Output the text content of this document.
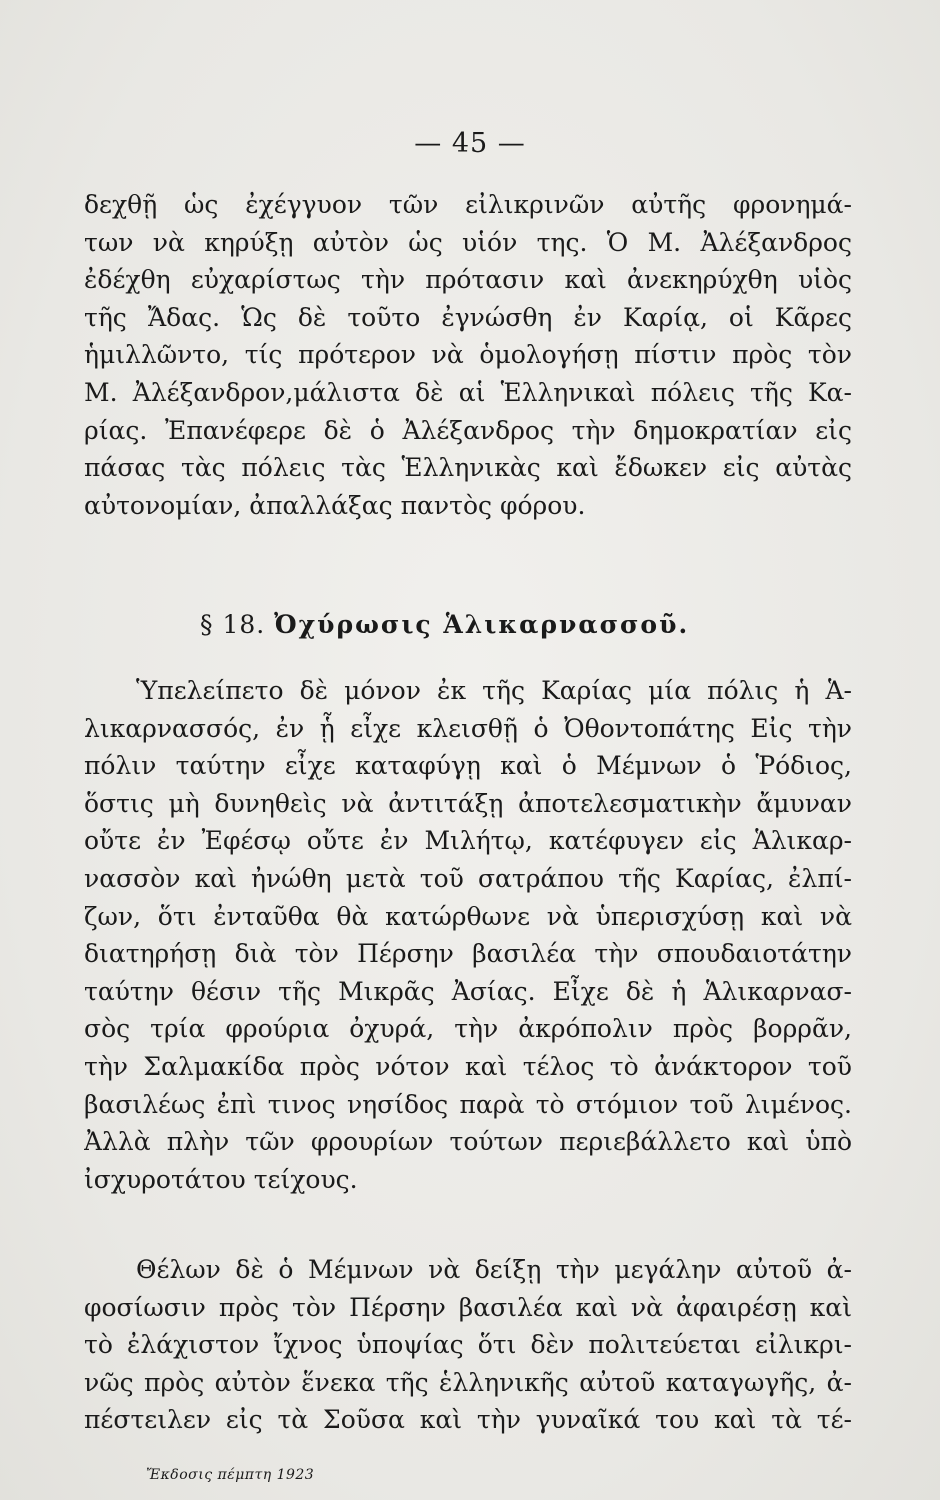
— 45 —
δεχθῇ ὡς ἐχέγγυον τῶν εἰλικρινῶν αὐτῆς φρονημά-
των νὰ κηρύξῃ αὐτὸν ὡς υἱόν της. Ὁ Μ. Ἀλέξανδρος
ἐδέχθη εὐχαρίστως τὴν πρότασιν καὶ ἀνεκηρύχθη υἱὸς
τῆς Ἄδας. Ὡς δὲ τοῦτο ἐγνώσθη ἐν Καρίᾳ, οἱ Κᾶρες
ἡμιλλῶντο, τίς πρότερον νὰ ὁμολογήσῃ πίστιν πρὸς τὸν
Μ. Ἀλέξανδρον,μάλιστα δὲ αἱ Ἑλληνικαὶ πόλεις τῆς Κα-
ρίας. Ἐπανέφερε δὲ ὁ Ἀλέξανδρος τὴν δημοκρατίαν εἰς
πάσας τὰς πόλεις τὰς Ἑλληνικὰς καὶ ἔδωκεν εἰς αὐτὰς
αὐτονομίαν, ἀπαλλάξας παντὸς φόρου.
§ 18. Ὀχύρωσις Ἁλικαρνασσοῦ.
Ὑπελείπετο δὲ μόνον ἐκ τῆς Καρίας μία πόλις ἡ Ἁ-
λικαρνασσός, ἐν ᾗ εἶχε κλεισθῇ ὁ Ὀθοντοπάτης Εἰς τὴν
πόλιν ταύτην εἶχε καταφύγῃ καὶ ὁ Μέμνων ὁ Ῥόδιος,
ὅστις μὴ δυνηθεὶς νὰ ἀντιτάξῃ ἀποτελεσματικὴν ἄμυναν
οὔτε ἐν Ἐφέσῳ οὔτε ἐν Μιλήτῳ, κατέφυγεν εἰς Ἁλικαρ-
νασσὸν καὶ ἠνώθη μετὰ τοῦ σατράπου τῆς Καρίας, ἐλπί-
ζων, ὅτι ἐνταῦθα θὰ κατώρθωνε νὰ ὑπερισχύσῃ καὶ νὰ
διατηρήσῃ διὰ τὸν Πέρσην βασιλέα τὴν σπουδαιοτάτην
ταύτην θέσιν τῆς Μικρᾶς Ἀσίας. Εἶχε δὲ ἡ Ἁλικαρνασ-
σὸς τρία φρούρια ὀχυρά, τὴν ἀκρόπολιν πρὸς βορρᾶν,
τὴν Σαλμακίδα πρὸς νότον καὶ τέλος τὸ ἀνάκτορον τοῦ
βασιλέως ἐπὶ τινος νησίδος παρὰ τὸ στόμιον τοῦ λιμένος.
Ἀλλὰ πλὴν τῶν φρουρίων τούτων περιεβάλλετο καὶ ὑπὸ
ἰσχυροτάτου τείχους.
Θέλων δὲ ὁ Μέμνων νὰ δείξῃ τὴν μεγάλην αὐτοῦ ἀ-
φοσίωσιν πρὸς τὸν Πέρσην βασιλέα καὶ νὰ ἀφαιρέσῃ καὶ
τὸ ἐλάχιστον ἴχνος ὑποψίας ὅτι δὲν πολιτεύεται εἰλικρι-
νῶς πρὸς αὐτὸν ἕνεκα τῆς ἑλληνικῆς αὐτοῦ καταγωγῆς, ἀ-
πέστειλεν εἰς τὰ Σοῦσα καὶ τὴν γυναῖκά του καὶ τὰ τέ-
Ἔκδοσις πέμπτη 1923
